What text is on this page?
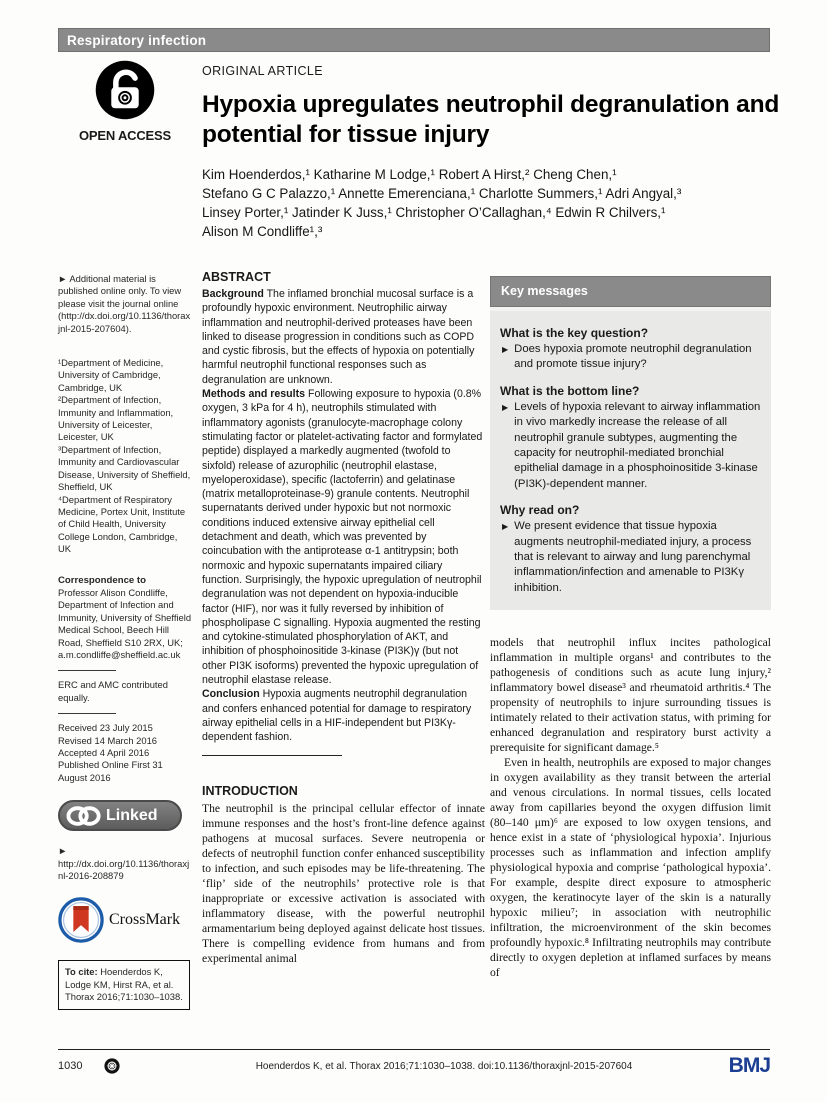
Respiratory infection
OPEN ACCESS
ORIGINAL ARTICLE
Hypoxia upregulates neutrophil degranulation and potential for tissue injury
Kim Hoenderdos,¹ Katharine M Lodge,¹ Robert A Hirst,² Cheng Chen,¹
Stefano G C Palazzo,¹ Annette Emerenciana,¹ Charlotte Summers,¹ Adri Angyal,³
Linsey Porter,¹ Jatinder K Juss,¹ Christopher O’Callaghan,⁴ Edwin R Chilvers,¹
Alison M Condliffe¹,³

► Additional material is published online only. To view please visit the journal online (http://dx.doi.org/10.1136/thoraxjnl-2015-207604).

¹Department of Medicine, University of Cambridge, Cambridge, UK
²Department of Infection, Immunity and Inflammation, University of Leicester, Leicester, UK
³Department of Infection, Immunity and Cardiovascular Disease, University of Sheffield, Sheffield, UK
⁴Department of Respiratory Medicine, Portex Unit, Institute of Child Health, University College London, Cambridge, UK
Correspondence to
Professor Alison Condliffe, Department of Infection and Immunity, University of Sheffield Medical School, Beech Hill Road, Sheffield S10 2RX, UK; a.m.condliffe@sheffield.ac.uk

ERC and AMC contributed equally.

Received 23 July 2015
Revised 14 March 2016
Accepted 4 April 2016
Published Online First 31 August 2016
Linked

► http://dx.doi.org/10.1136/thoraxjnl-2016-208879

CrossMark
To cite: Hoenderdos K, Lodge KM, Hirst RA, et al. Thorax 2016;71:1030–1038.
ABSTRACT

Background The inflamed bronchial mucosal surface is a profoundly hypoxic environment. Neutrophilic airway inflammation and neutrophil-derived proteases have been linked to disease progression in conditions such as COPD and cystic fibrosis, but the effects of hypoxia on potentially harmful neutrophil functional responses such as degranulation are unknown.

Methods and results Following exposure to hypoxia (0.8% oxygen, 3 kPa for 4 h), neutrophils stimulated with inflammatory agonists (granulocyte-macrophage colony stimulating factor or platelet-activating factor and formylated peptide) displayed a markedly augmented (twofold to sixfold) release of azurophilic (neutrophil elastase, myeloperoxidase), specific (lactoferrin) and gelatinase (matrix metalloproteinase-9) granule contents. Neutrophil supernatants derived under hypoxic but not normoxic conditions induced extensive airway epithelial cell detachment and death, which was prevented by coincubation with the antiprotease α-1 antitrypsin; both normoxic and hypoxic supernatants impaired ciliary function. Surprisingly, the hypoxic upregulation of neutrophil degranulation was not dependent on hypoxia-inducible factor (HIF), nor was it fully reversed by inhibition of phospholipase C signalling. Hypoxia augmented the resting and cytokine-stimulated phosphorylation of AKT, and inhibition of phosphoinositide 3-kinase (PI3K)γ (but not other PI3K isoforms) prevented the hypoxic upregulation of neutrophil elastase release.

Conclusion Hypoxia augments neutrophil degranulation and confers enhanced potential for damage to respiratory airway epithelial cells in a HIF-independent but PI3Kγ-dependent fashion.

INTRODUCTION

The neutrophil is the principal cellular effector of innate immune responses and the host’s front-line defence against pathogens at mucosal surfaces. Severe neutropenia or defects of neutrophil function confer enhanced susceptibility to infection, and such episodes may be life-threatening. The ‘flip’ side of the neutrophils’ protective role is that inappropriate or excessive activation is associated with inflammatory disease, with the powerful neutrophil armamentarium being deployed against delicate host tissues. There is compelling evidence from humans and from experimental animal

Key messages
What is the key question?
▶
Does hypoxia promote neutrophil degranulation and promote tissue injury?
What is the bottom line?
▶
Levels of hypoxia relevant to airway inflammation in vivo markedly increase the release of all neutrophil granule subtypes, augmenting the capacity for neutrophil-mediated bronchial epithelial damage in a phosphoinositide 3-kinase (PI3K)-dependent manner.
Why read on?
▶
We present evidence that tissue hypoxia augments neutrophil-mediated injury, a process that is relevant to airway and lung parenchymal inflammation/infection and amenable to PI3Kγ inhibition.

models that neutrophil influx incites pathological inflammation in multiple organs¹ and contributes to the pathogenesis of conditions such as acute lung injury,² inflammatory bowel disease³ and rheumatoid arthritis.⁴ The propensity of neutrophils to injure surrounding tissues is intimately related to their activation status, with priming for enhanced degranulation and respiratory burst activity a prerequisite for significant damage.⁵

Even in health, neutrophils are exposed to major changes in oxygen availability as they transit between the arterial and venous circulations. In normal tissues, cells located away from capillaries beyond the oxygen diffusion limit (80–140 μm)⁶ are exposed to low oxygen tensions, and hence exist in a state of ‘physiological hypoxia’. Injurious processes such as inflammation and infection amplify physiological hypoxia and comprise ‘pathological hypoxia’. For example, despite direct exposure to atmospheric oxygen, the keratinocyte layer of the skin is a naturally hypoxic milieu⁷; in association with neutrophilic infiltration, the microenvironment of the skin becomes profoundly hypoxic.⁸ Infiltrating neutrophils may contribute directly to oxygen depletion at inflamed surfaces by means of

1030	Hoenderdos K, et al. Thorax 2016;71:1030–1038. doi:10.1136/thoraxjnl-2015-207604	BMJ
